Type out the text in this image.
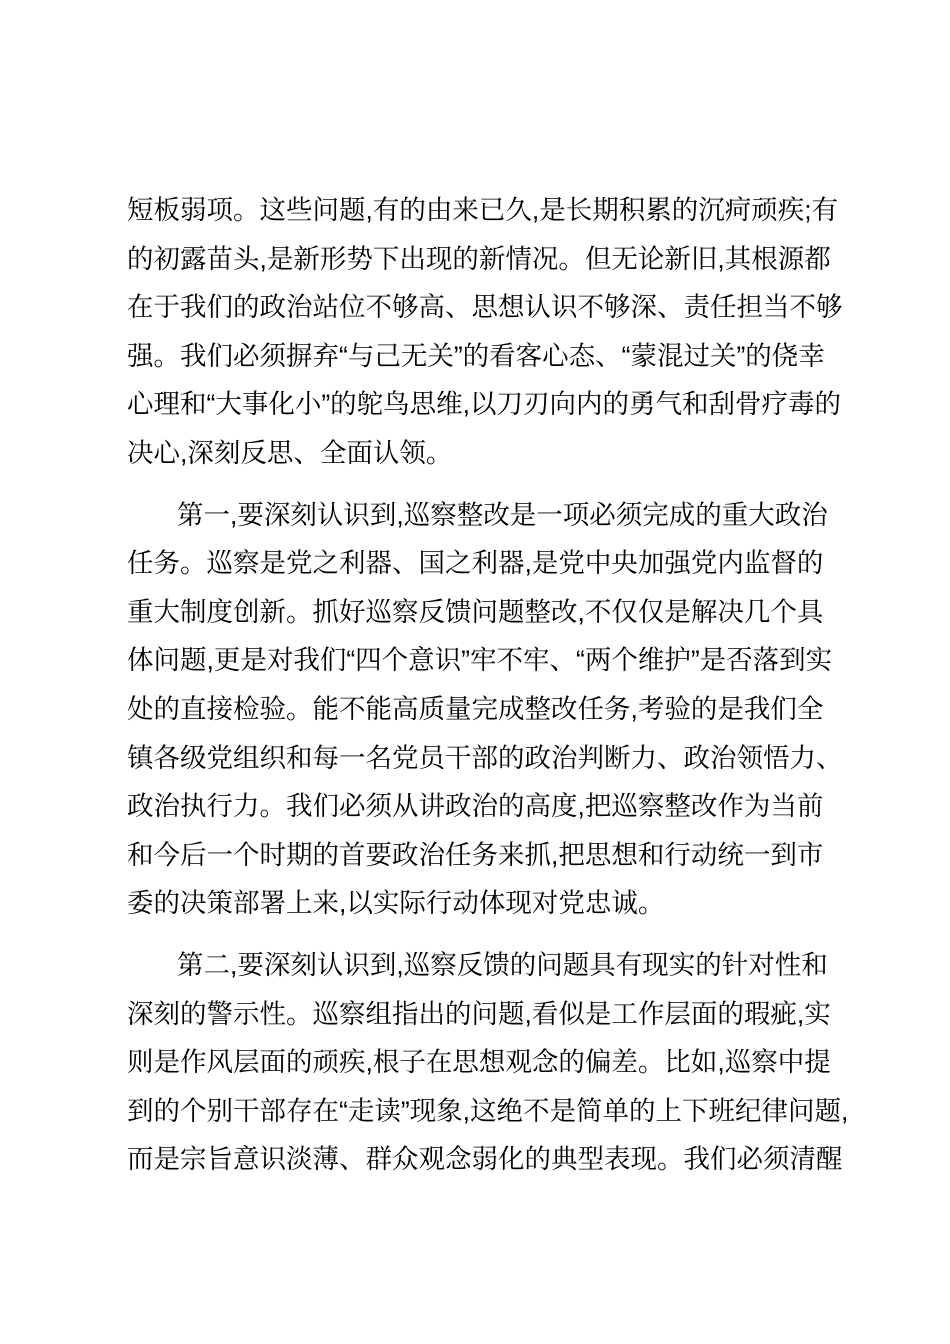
短板弱项。这些问题,有的由来已久,是长期积累的沉疴顽疾;有
的初露苗头,是新形势下出现的新情况。但无论新旧,其根源都
在于我们的政治站位不够高、思想认识不够深、责任担当不够
强。我们必须摒弃“与己无关”的看客心态、“蒙混过关”的侥幸
心理和“大事化小”的鸵鸟思维,以刀刃向内的勇气和刮骨疗毒的
决心,深刻反思、全面认领。
第一,要深刻认识到,巡察整改是一项必须完成的重大政治
任务。巡察是党之利器、国之利器,是党中央加强党内监督的
重大制度创新。抓好巡察反馈问题整改,不仅仅是解决几个具
体问题,更是对我们“四个意识”牢不牢、“两个维护”是否落到实
处的直接检验。能不能高质量完成整改任务,考验的是我们全
镇各级党组织和每一名党员干部的政治判断力、政治领悟力、
政治执行力。我们必须从讲政治的高度,把巡察整改作为当前
和今后一个时期的首要政治任务来抓,把思想和行动统一到市
委的决策部署上来,以实际行动体现对党忠诚。
第二,要深刻认识到,巡察反馈的问题具有现实的针对性和
深刻的警示性。巡察组指出的问题,看似是工作层面的瑕疵,实
则是作风层面的顽疾,根子在思想观念的偏差。比如,巡察中提
到的个别干部存在“走读”现象,这绝不是简单的上下班纪律问题,
而是宗旨意识淡薄、群众观念弱化的典型表现。我们必须清醒
